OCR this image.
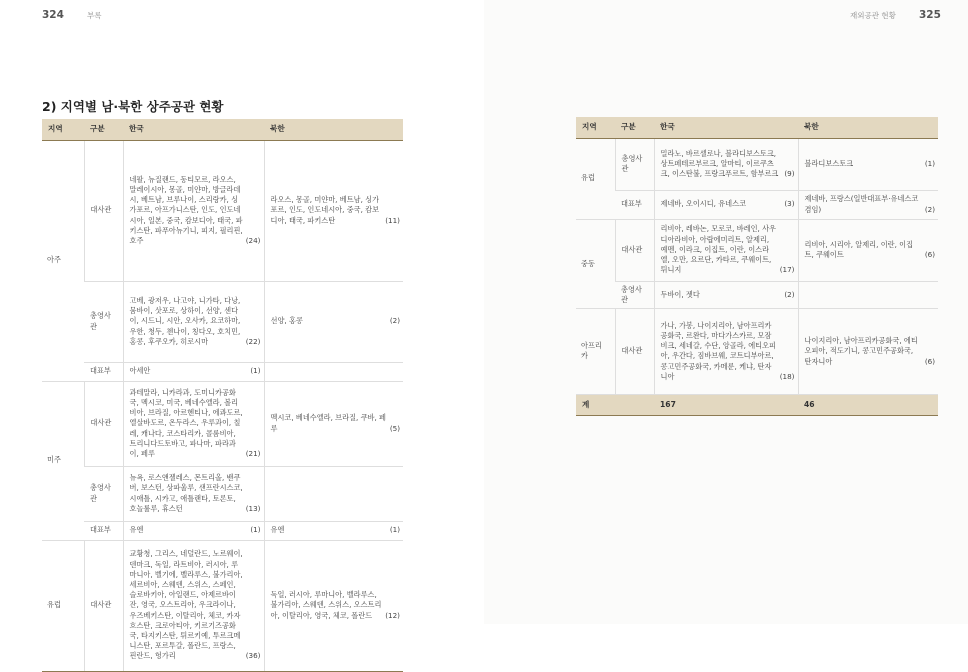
324	부록
2) 지역별 남·북한 상주공관 현황
지역	구분	한국	북한
아주	대사관	네팔, 뉴질랜드, 동티모르, 라오스, 말레이시아, 몽골, 미얀마, 방글라데시, 베트남, 브루나이, 스리랑카, 싱가포르, 아프가니스탄, 인도, 인도네시아, 일본, 중국, 캄보디아, 태국, 파키스탄, 파푸아뉴기니, 피지, 필리핀, 호주 (24)	라오스, 몽골, 미얀마, 베트남, 싱가포르, 인도, 인도네시아, 중국, 캄보디아, 태국, 파키스탄 (11)

	총영사관	고베, 광저우, 나고야, 니가타, 다낭, 뭄바이, 삿포로, 상하이, 선양, 센다이, 시드니, 시안, 오사카, 요코하마, 우한, 청두, 첸나이, 칭다오, 호치민, 홍콩, 후쿠오카, 히로시마 (22)	선양, 홍콩 (2)

	대표부	아세안 (1)	

미주	대사관	과테말라, 니카라과, 도미니카공화국, 멕시코, 미국, 베네수엘라, 볼리비아, 브라질, 아르헨티나, 에콰도르, 엘살바도르, 온두라스, 우루과이, 칠레, 캐나다, 코스타리카, 콜롬비아, 트리니다드토바고, 파나마, 파라과이, 페루 (21)	멕시코, 베네수엘라, 브라질, 쿠바, 페루 (5)

	총영사관	뉴욕, 로스앤젤레스, 몬트리올, 밴쿠버, 보스턴, 상파울루, 샌프란시스코, 시애틀, 시카고, 애틀랜타, 토론토, 호놀룰루, 휴스턴 (13)	

	대표부	유엔 (1)	유엔 (1)

유럽	대사관	교황청, 그리스, 네덜란드, 노르웨이, 덴마크, 독일, 라트비아, 러시아, 루마니아, 벨기에, 벨라루스, 불가리아, 세르비아, 스웨덴, 스위스, 스페인, 슬로바키아, 아일랜드, 아제르바이잔, 영국, 오스트리아, 우크라이나, 우즈베키스탄, 이탈리아, 체코, 카자흐스탄, 크로아티아, 키르기즈공화국, 타지키스탄, 튀르키예, 투르크메니스탄, 포르투갈, 폴란드, 프랑스, 핀란드, 헝가리 (36)	독일, 러시아, 루마니아, 벨라루스, 불가리아, 스웨덴, 스위스, 오스트리아, 이탈리아, 영국, 체코, 폴란드 (12)
재외공관 현황 325
지역	구분	한국	북한
유럽	총영사관	밀라노, 바르셀로나, 블라디보스토크, 상트페테르부르크, 알마티, 이르쿠츠크, 이스탄불, 프랑크푸르트, 함부르크 (9)	블라디보스토크 (1)

	대표부	제네바, 오이시디, 유네스코 (3)	제네바, 프랑스(일반대표부·유네스코겸임) (2)

중동	대사관	리비아, 레바논, 모로코, 바레인, 사우디아라비아, 아랍에미리트, 알제리, 예멘, 이라크, 이집트, 이란, 이스라엘, 오만, 요르단, 카타르, 쿠웨이트, 튀니지 (17)	리비아, 시리아, 알제리, 이란, 이집트, 쿠웨이트 (6)

	총영사관	두바이, 젯다 (2)	

아프리카	대사관	가나, 가봉, 나이지리아, 남아프리카공화국, 르완다, 마다가스카르, 모잠비크, 세네갈, 수단, 앙골라, 에티오피아, 우간다, 짐바브웨, 코트디부아르, 콩고민주공화국, 카메룬, 케냐, 탄자니아 (18)	나이지리아, 남아프리카공화국, 에티오피아, 적도기니, 콩고민주공화국, 탄자니아 (6)

계		167	46
